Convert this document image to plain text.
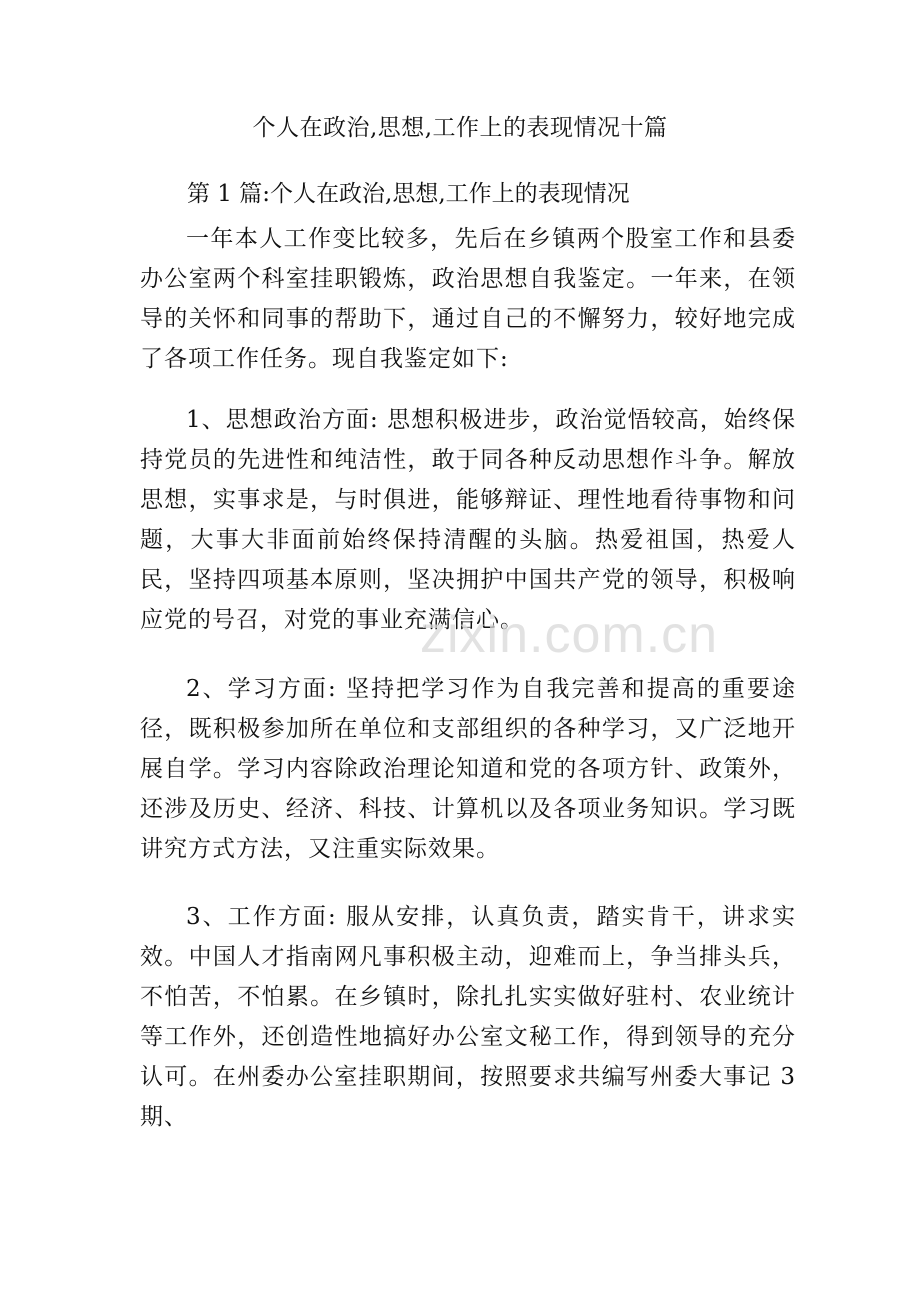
个人在政治,思想,工作上的表现情况十篇
第 1 篇:个人在政治,思想,工作上的表现情况
一年本人工作变比较多，先后在乡镇两个股室工作和县委办公室两个科室挂职锻炼，政治思想自我鉴定。一年来，在领导的关怀和同事的帮助下，通过自己的不懈努力，较好地完成了各项工作任务。现自我鉴定如下:
1、思想政治方面: 思想积极进步，政治觉悟较高，始终保持党员的先进性和纯洁性，敢于同各种反动思想作斗争。解放思想，实事求是，与时俱进，能够辩证、理性地看待事物和问题，大事大非面前始终保持清醒的头脑。热爱祖国，热爱人民，坚持四项基本原则，坚决拥护中国共产党的领导，积极响应党的号召，对党的事业充满信心。
2、学习方面: 坚持把学习作为自我完善和提高的重要途径，既积极参加所在单位和支部组织的各种学习，又广泛地开展自学。学习内容除政治理论知道和党的各项方针、政策外，还涉及历史、经济、科技、计算机以及各项业务知识。学习既讲究方式方法，又注重实际效果。
3、工作方面: 服从安排，认真负责，踏实肯干，讲求实效。中国人才指南网凡事积极主动，迎难而上，争当排头兵，不怕苦，不怕累。在乡镇时，除扎扎实实做好驻村、农业统计等工作外，还创造性地搞好办公室文秘工作，得到领导的充分认可。在州委办公室挂职期间，按照要求共编写州委大事记 3 期、
zixin.com.cn
